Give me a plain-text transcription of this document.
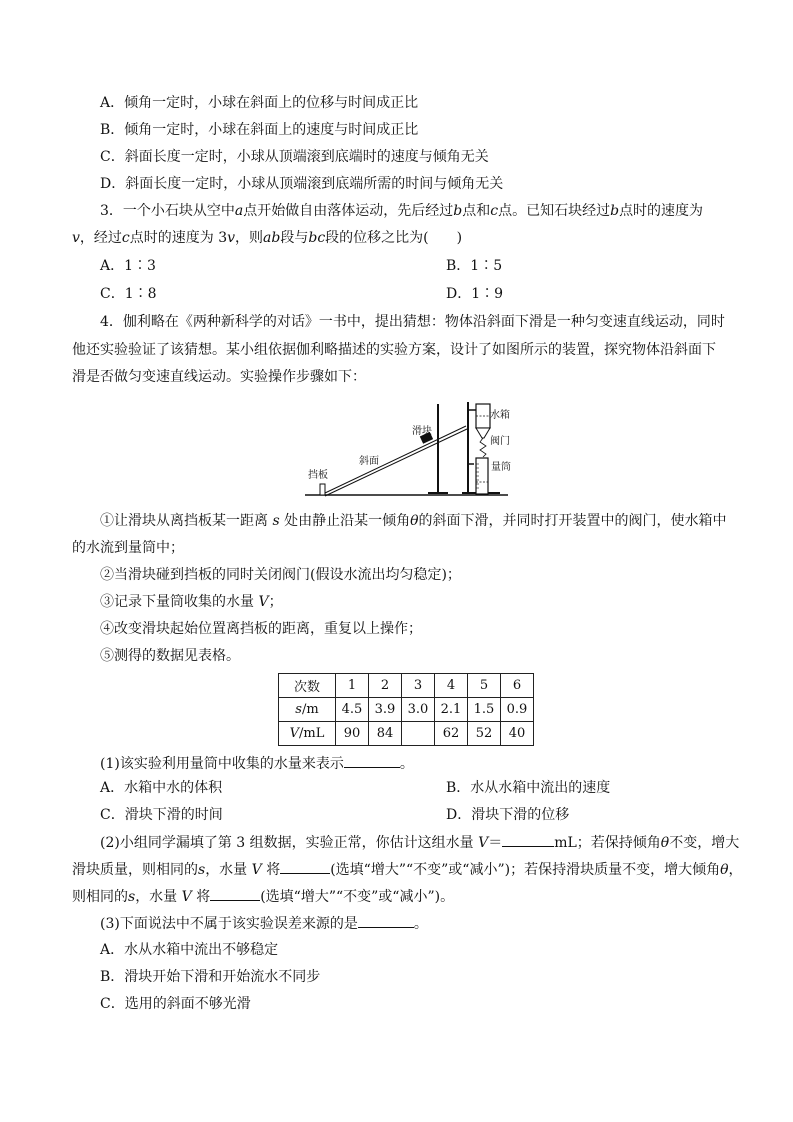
A．倾角一定时，小球在斜面上的位移与时间成正比
B．倾角一定时，小球在斜面上的速度与时间成正比
C．斜面长度一定时，小球从顶端滚到底端时的速度与倾角无关
D．斜面长度一定时，小球从顶端滚到底端所需的时间与倾角无关
3．一个小石块从空中a点开始做自由落体运动，先后经过b点和c点。已知石块经过b点时的速度为
v，经过c点时的速度为 3v，则ab段与bc段的位移之比为(　　)
A．1∶3	B．1∶5
C．1∶8	D．1∶9
4．伽利略在《两种新科学的对话》一书中，提出猜想：物体沿斜面下滑是一种匀变速直线运动，同时
他还实验验证了该猜想。某小组依据伽利略描述的实验方案，设计了如图所示的装置，探究物体沿斜面下
滑是否做匀变速直线运动。实验操作步骤如下：
水箱
阀门
量筒
滑块
斜面
挡板
①让滑块从离挡板某一距离 s 处由静止沿某一倾角θ的斜面下滑，并同时打开装置中的阀门，使水箱中
的水流到量筒中；
②当滑块碰到挡板的同时关闭阀门(假设水流出均匀稳定)；
③记录下量筒收集的水量 V；
④改变滑块起始位置离挡板的距离，重复以上操作；
⑤测得的数据见表格。
次数	1	2	3	4	5	6
s/m	4.5	3.9	3.0	2.1	1.5	0.9
V/mL	90	84		62	52	40
(1)该实验利用量筒中收集的水量来表示	。
A．水箱中水的体积	B．水从水箱中流出的速度
C．滑块下滑的时间	D．滑块下滑的位移
(2)小组同学漏填了第 3 组数据，实验正常，你估计这组水量 V＝	mL；若保持倾角θ不变，增大
滑块质量，则相同的s，水量 V 将	(选填“增大”“不变”或“减小”)；若保持滑块质量不变，增大倾角θ，
则相同的s，水量 V 将	(选填“增大”“不变”或“减小”)。
(3)下面说法中不属于该实验误差来源的是	。
A．水从水箱中流出不够稳定
B．滑块开始下滑和开始流水不同步
C．选用的斜面不够光滑
